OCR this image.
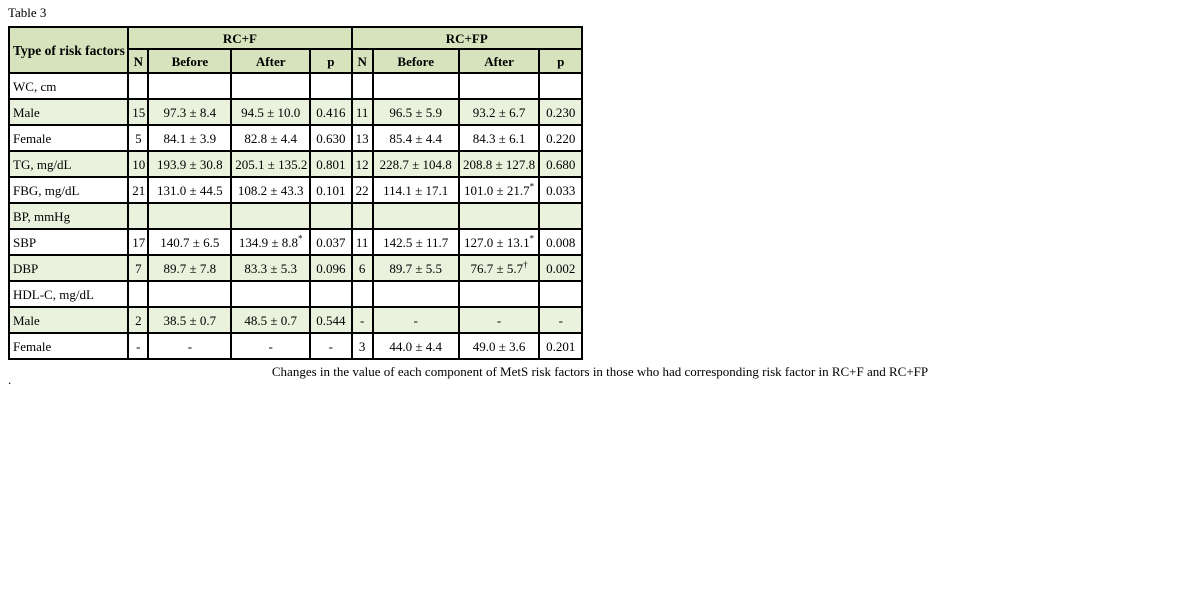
Table 3
Type of risk factors	RC+F				RC+FP			
	N	Before	After	p	N	Before	After	p
WC, cm								
Male	15	97.3 ± 8.4	94.5 ± 10.0	0.416	11	96.5 ± 5.9	93.2 ± 6.7	0.230
Female	5	84.1 ± 3.9	82.8 ± 4.4	0.630	13	85.4 ± 4.4	84.3 ± 6.1	0.220
TG, mg/dL	10	193.9 ± 30.8	205.1 ± 135.2	0.801	12	228.7 ± 104.8	208.8 ± 127.8	0.680
FBG, mg/dL	21	131.0 ± 44.5	108.2 ± 43.3	0.101	22	114.1 ± 17.1	101.0 ± 21.7*	0.033
BP, mmHg								
SBP	17	140.7 ± 6.5	134.9 ± 8.8*	0.037	11	142.5 ± 11.7	127.0 ± 13.1*	0.008
DBP	7	89.7 ± 7.8	83.3 ± 5.3	0.096	6	89.7 ± 5.5	76.7 ± 5.7†	0.002
HDL-C, mg/dL								
Male	2	38.5 ± 0.7	48.5 ± 0.7	0.544	-	-	-	-
Female	-	-	-	-	3	44.0 ± 4.4	49.0 ± 3.6	0.201
Changes in the value of each component of MetS risk factors in those who had corresponding risk factor in RC+F and RC+FP
.
